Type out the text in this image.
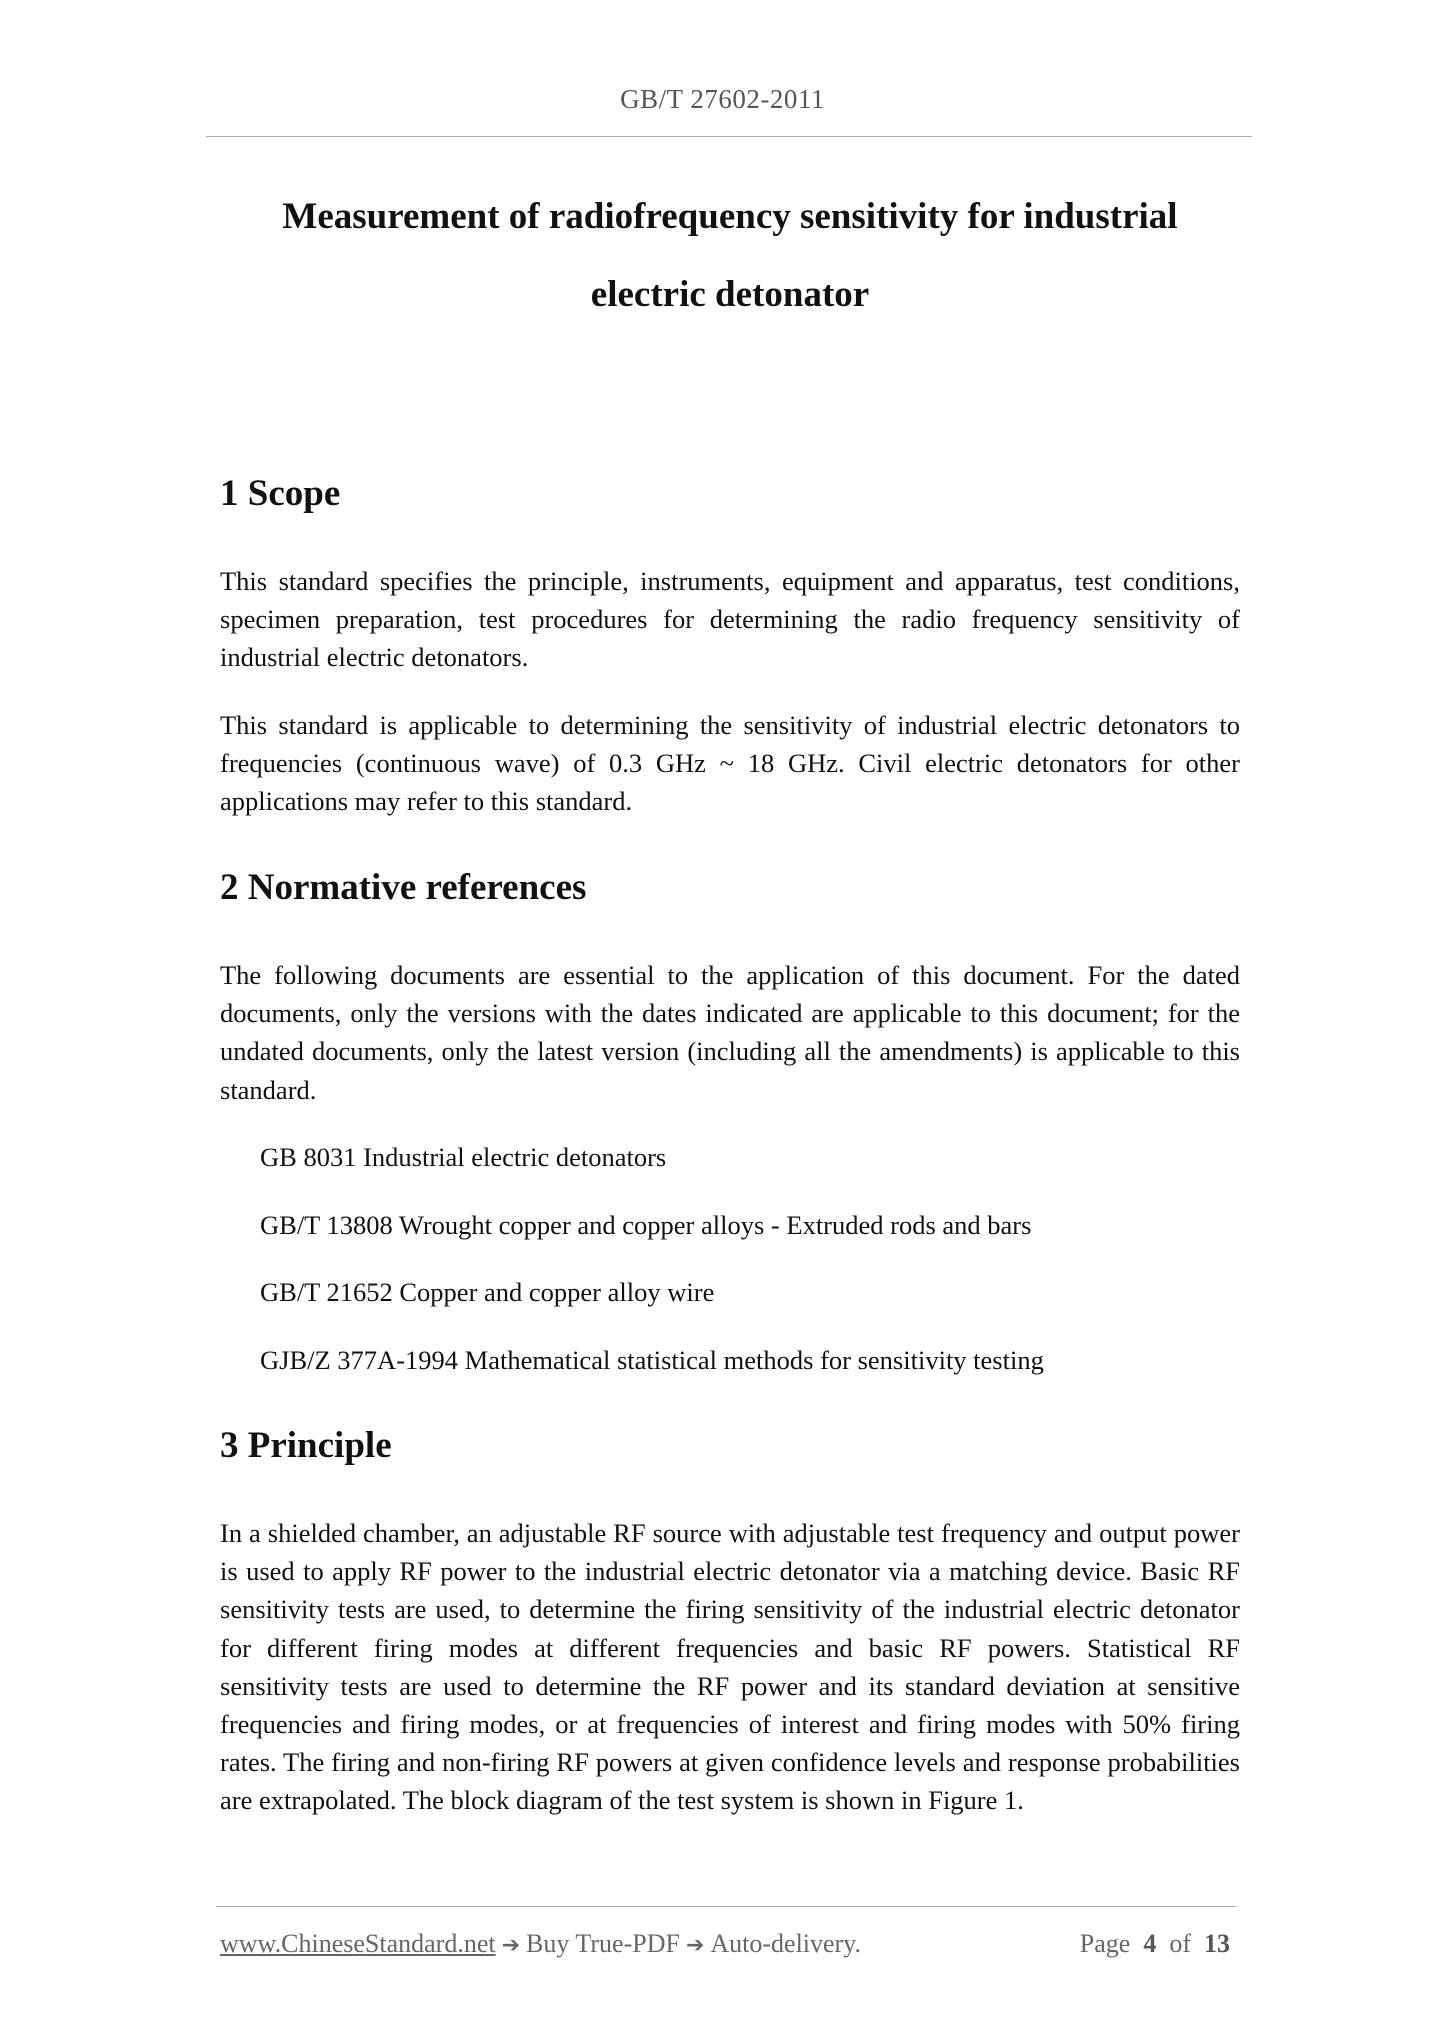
GB/T 27602-2011
Measurement of radiofrequency sensitivity for industrial
electric detonator
1 Scope

This standard specifies the principle, instruments, equipment and apparatus, test conditions, specimen preparation, test procedures for determining the radio frequency sensitivity of industrial electric detonators.

This standard is applicable to determining the sensitivity of industrial electric detonators to frequencies (continuous wave) of 0.3 GHz ~ 18 GHz. Civil electric detonators for other applications may refer to this standard.

2 Normative references

The following documents are essential to the application of this document. For the dated documents, only the versions with the dates indicated are applicable to this document; for the undated documents, only the latest version (including all the amendments) is applicable to this standard.

GB 8031 Industrial electric detonators
GB/T 13808 Wrought copper and copper alloys - Extruded rods and bars
GB/T 21652 Copper and copper alloy wire
GJB/Z 377A-1994 Mathematical statistical methods for sensitivity testing
3 Principle

In a shielded chamber, an adjustable RF source with adjustable test frequency and output power is used to apply RF power to the industrial electric detonator via a matching device. Basic RF sensitivity tests are used, to determine the firing sensitivity of the industrial electric detonator for different firing modes at different frequencies and basic RF powers. Statistical RF sensitivity tests are used to determine the RF power and its standard deviation at sensitive frequencies and firing modes, or at frequencies of interest and firing modes with 50% firing rates. The firing and non-firing RF powers at given confidence levels and response probabilities are extrapolated. The block diagram of the test system is shown in Figure 1.

www.ChineseStandard.net ➔ Buy True-PDF ➔ Auto-delivery.	Page 4 of 13
